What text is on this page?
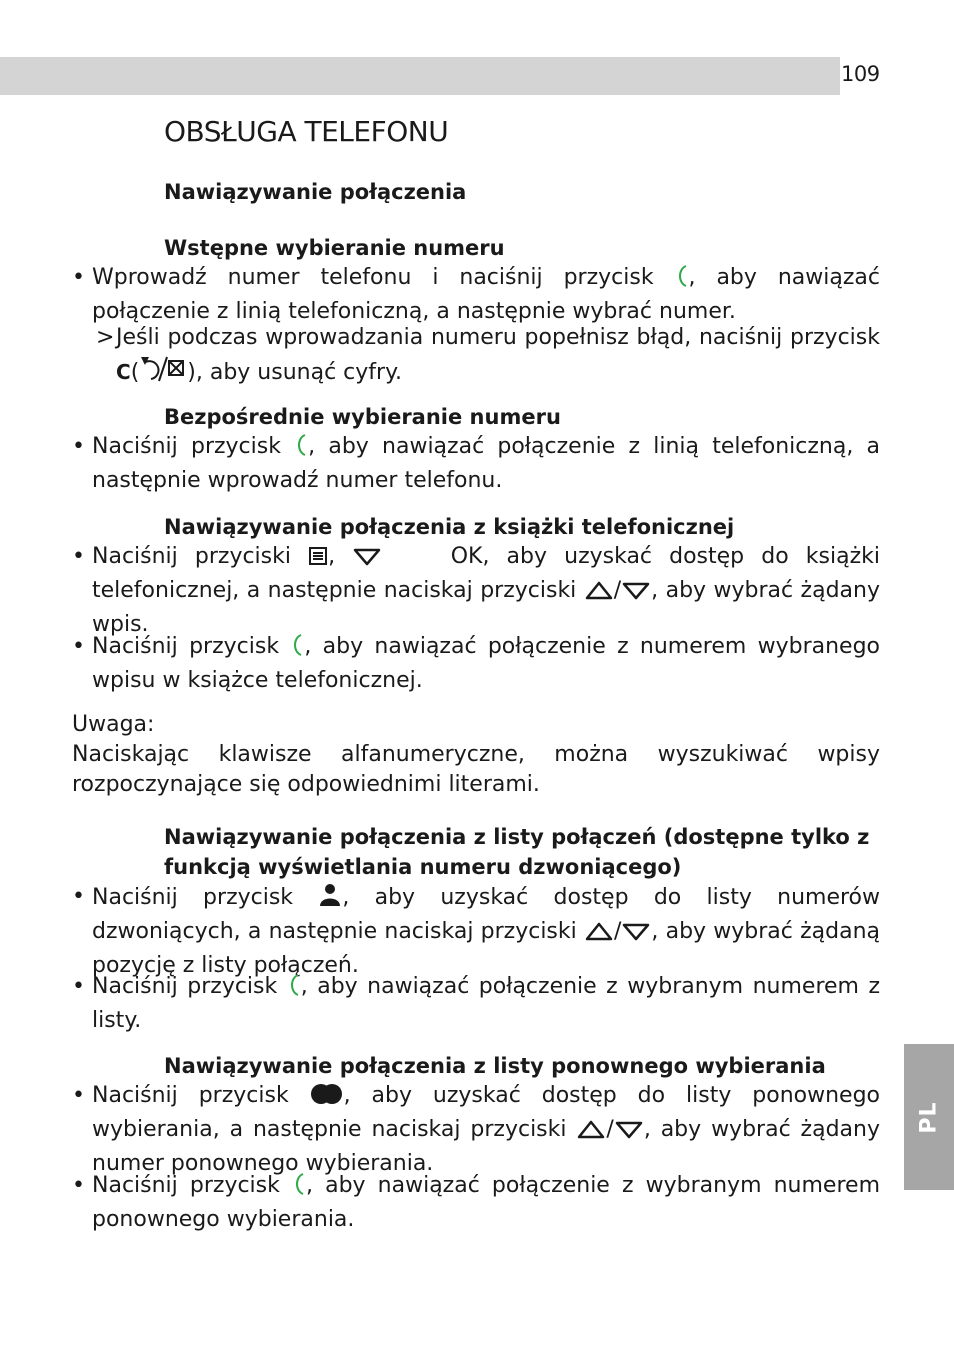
109
PL
OBSŁUGA TELEFONU
Nawiązywanie połączenia
Wstępne wybieranie numeru
• Wprowadź numer telefonu i naciśnij przycisk , aby nawiązać połączenie z linią telefoniczną, a następnie wybrać numer.
> Jeśli podczas wprowadzania numeru popełnisz błąd, naciśnij przycisk C( ), aby usunąć cyfry.
Bezpośrednie wybieranie numeru
• Naciśnij przycisk , aby nawiązać połączenie z linią telefoniczną, a następnie wprowadź numer telefonu.
Nawiązywanie połączenia z książki telefonicznej
• Naciśnij przyciski ,	OK, aby uzyskać dostęp do książki telefonicznej, a następnie naciskaj przyciski / , aby wybrać żądany wpis.
• Naciśnij przycisk , aby nawiązać połączenie z numerem wybranego wpisu w książce telefonicznej.
Uwaga:
Naciskając klawisze alfanumeryczne, można wyszukiwać wpisy rozpoczynające się odpowiednimi literami.
Nawiązywanie połączenia z listy połączeń (dostępne tylko z funkcją wyświetlania numeru dzwoniącego)
• Naciśnij przycisk , aby uzyskać dostęp do listy numerów dzwoniących, a następnie naciskaj przyciski / , aby wybrać żądaną pozycję z listy połączeń.
• Naciśnij przycisk , aby nawiązać połączenie z wybranym numerem z listy.
Nawiązywanie połączenia z listy ponownego wybierania
• Naciśnij przycisk , aby uzyskać dostęp do listy ponownego wybierania, a następnie naciskaj przyciski / , aby wybrać żądany numer ponownego wybierania.
• Naciśnij przycisk , aby nawiązać połączenie z wybranym numerem ponownego wybierania.
